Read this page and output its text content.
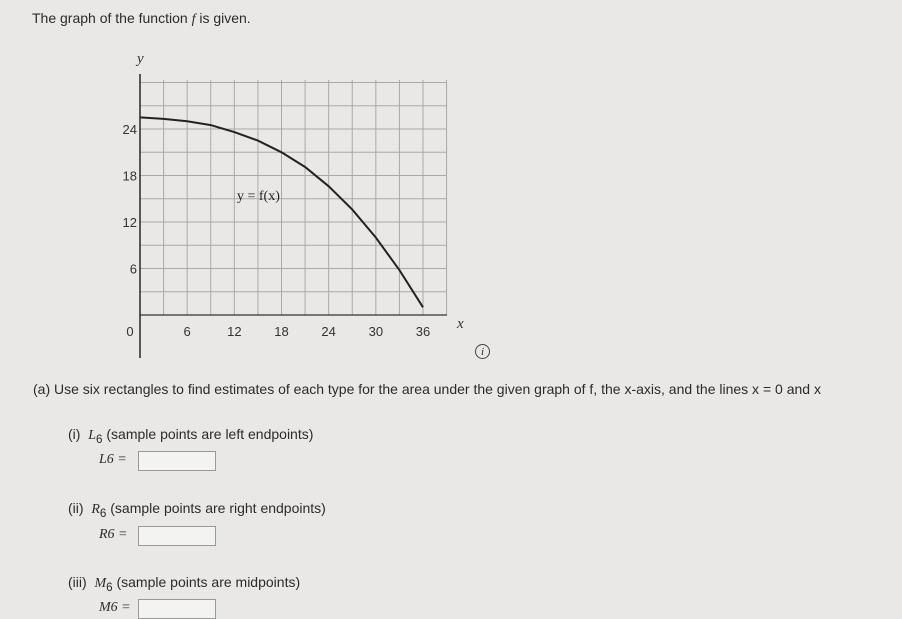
The graph of the function f is given.
0	6	12	18	24	30	36
6
12
18
24
y
x
y = f(x)
i
(a) Use six rectangles to find estimates of each type for the area under the given graph of f, the x-axis, and the lines x = 0 and x
(i) $L_6$ (sample points are left endpoints)
L6 =
(ii) $R_6$ (sample points are right endpoints)
R6 =
(iii) $M_6$ (sample points are midpoints)
M6 =
